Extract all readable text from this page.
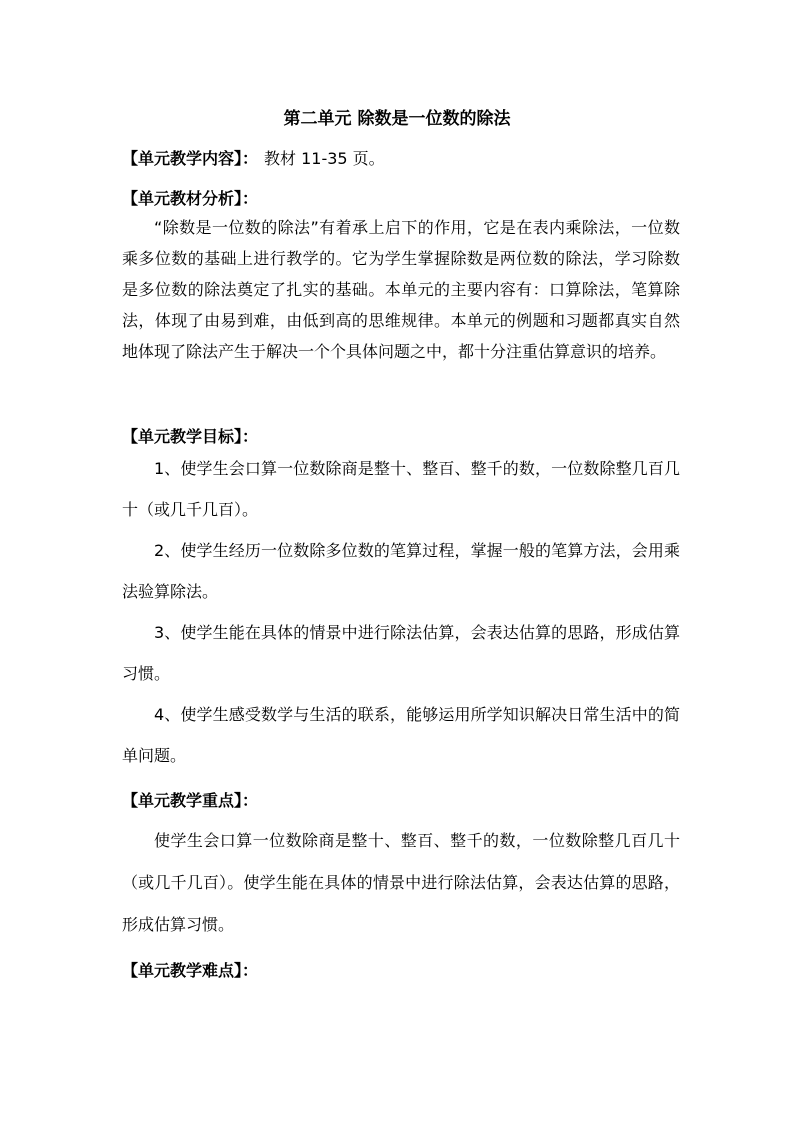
第二单元 除数是一位数的除法
【单元教学内容】： 教材 11-35 页。
【单元教材分析】：
“除数是一位数的除法”有着承上启下的作用，它是在表内乘除法，一位数乘多位数的基础上进行教学的。它为学生掌握除数是两位数的除法，学习除数是多位数的除法奠定了扎实的基础。本单元的主要内容有：口算除法，笔算除法，体现了由易到难，由低到高的思维规律。本单元的例题和习题都真实自然地体现了除法产生于解决一个个具体问题之中，都十分注重估算意识的培养。
【单元教学目标】：
1、使学生会口算一位数除商是整十、整百、整千的数，一位数除整几百几十（或几千几百）。
2、使学生经历一位数除多位数的笔算过程，掌握一般的笔算方法，会用乘法验算除法。
3、使学生能在具体的情景中进行除法估算，会表达估算的思路，形成估算习惯。
4、使学生感受数学与生活的联系，能够运用所学知识解决日常生活中的简单问题。
【单元教学重点】：
使学生会口算一位数除商是整十、整百、整千的数，一位数除整几百几十（或几千几百）。使学生能在具体的情景中进行除法估算，会表达估算的思路，形成估算习惯。
【单元教学难点】：
